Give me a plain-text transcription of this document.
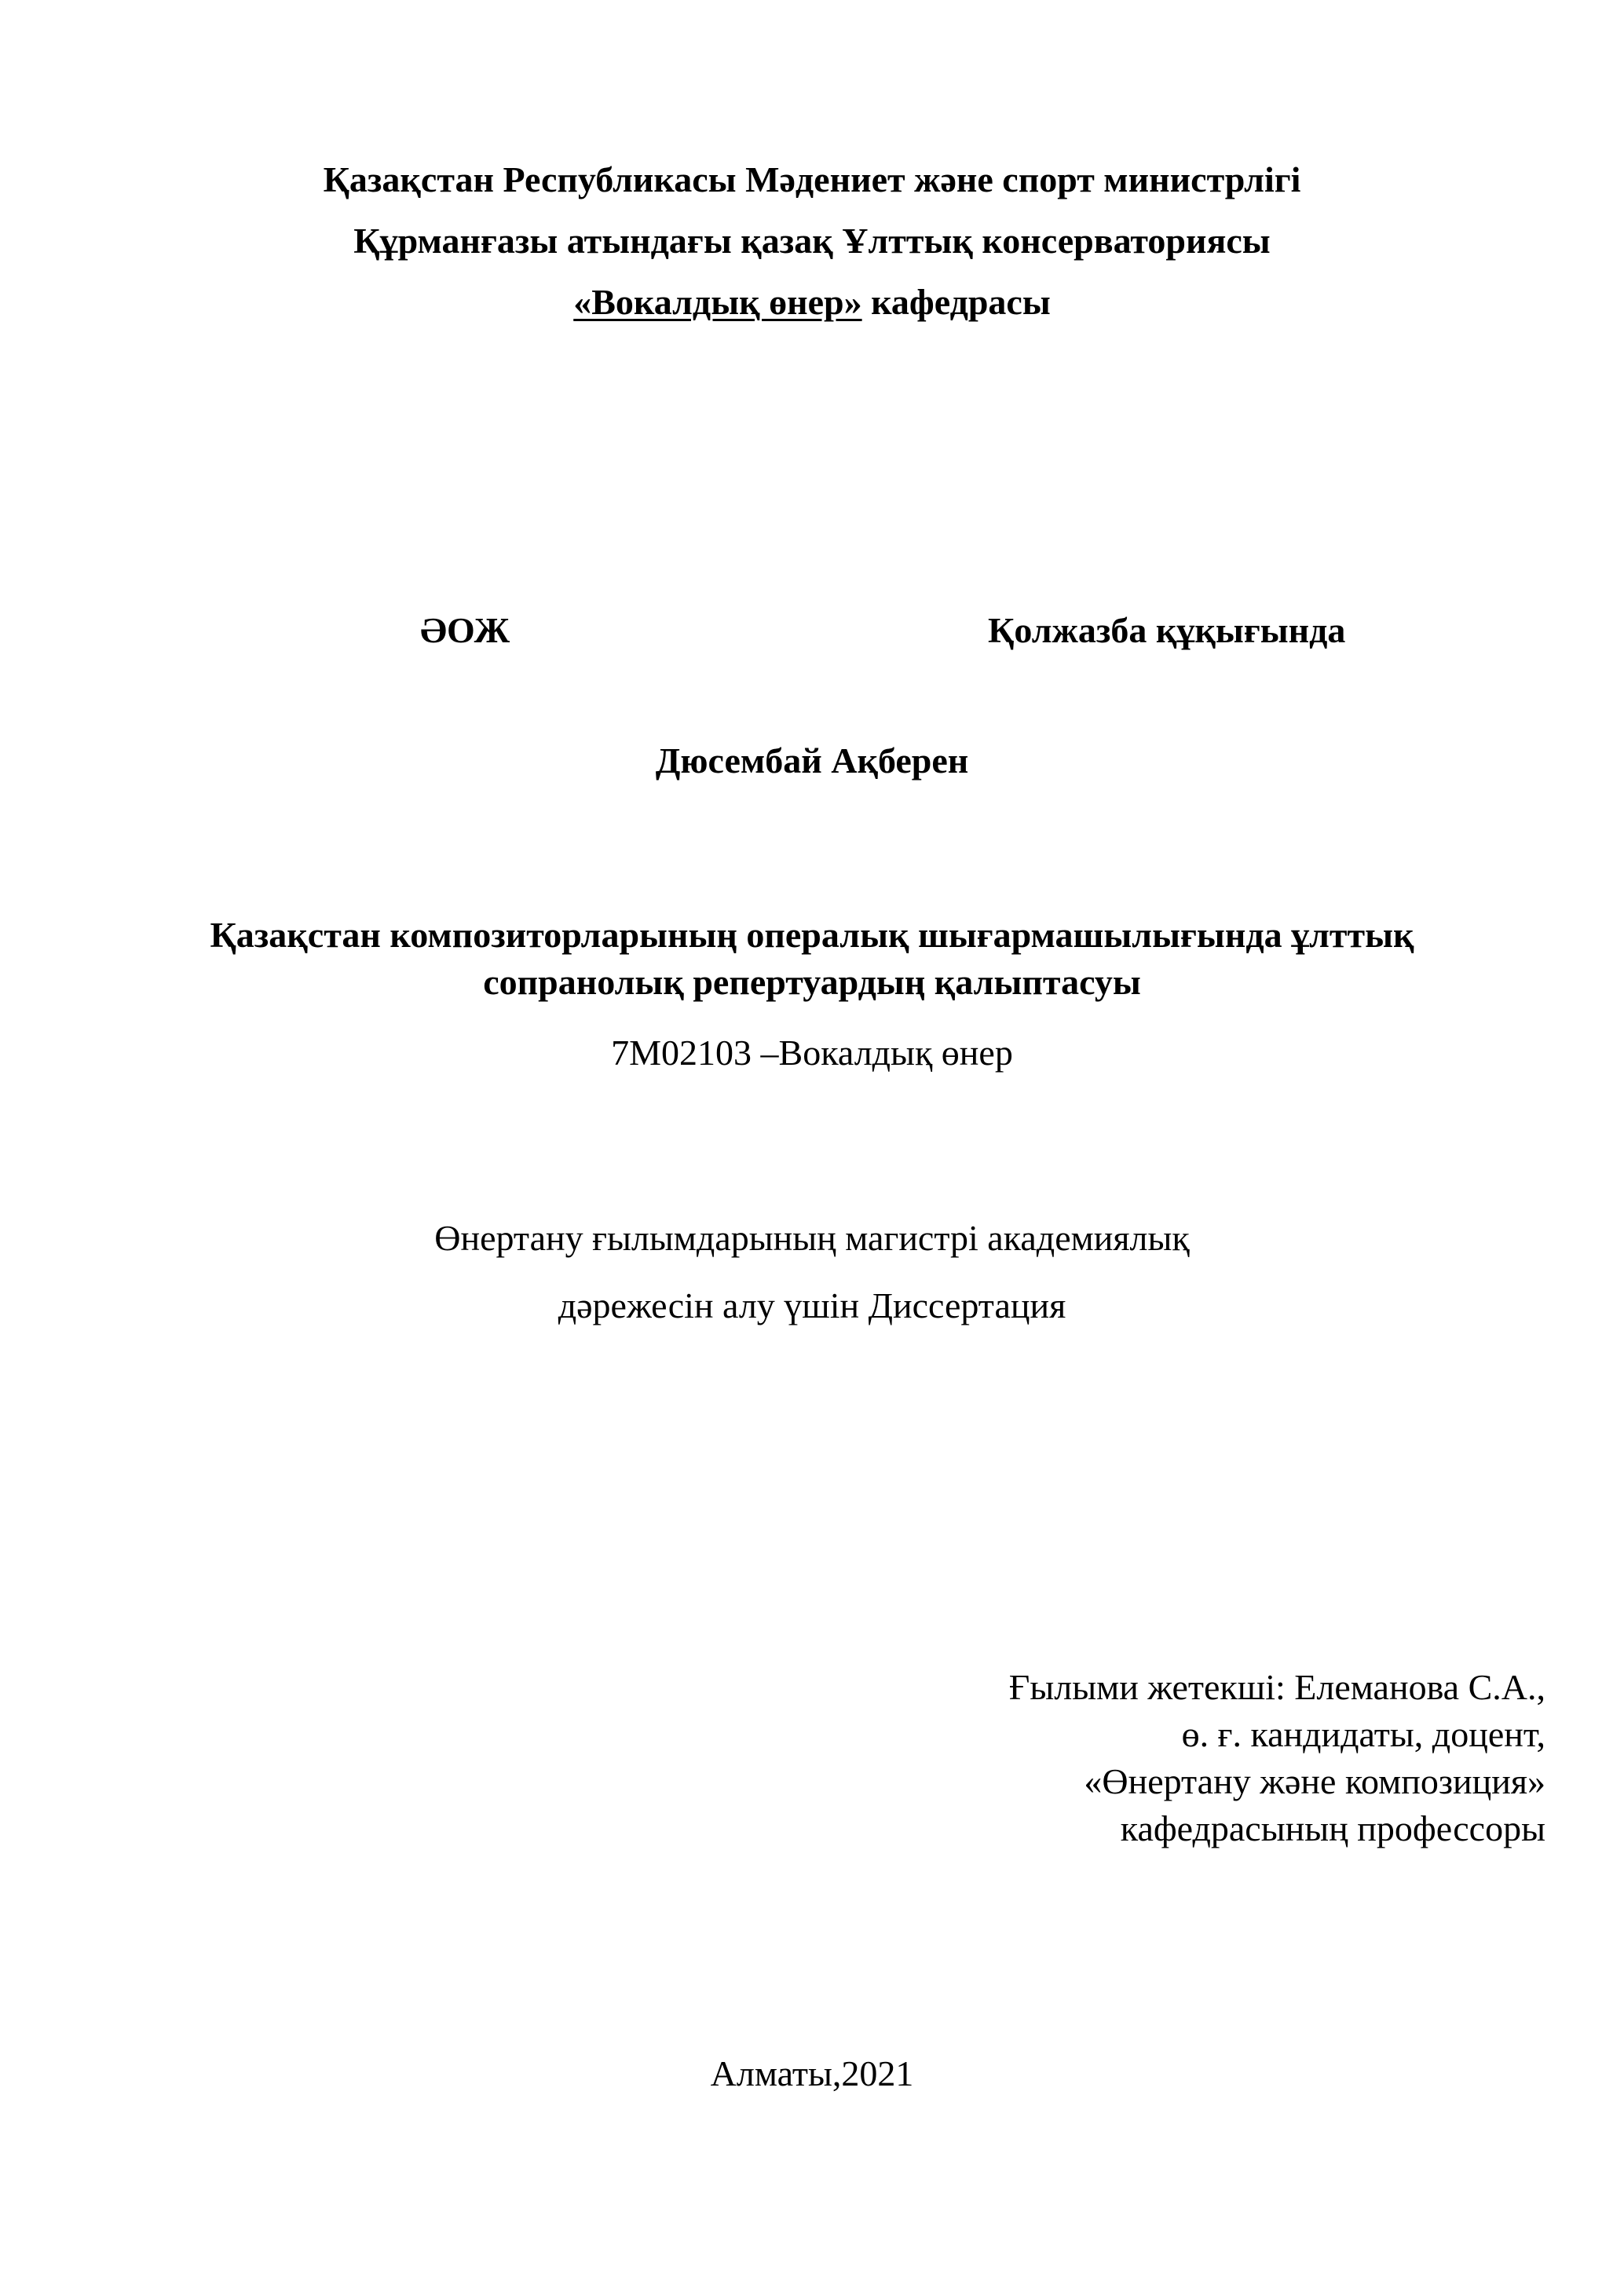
Қазақстан Республикасы Мәдениет және спорт министрлігі
Құрманғазы атындағы қазақ Ұлттық консерваториясы
«Вокалдық өнер» кафедрасы
ӘОЖ	Қолжазба құқығында
Дюсембай Ақберен
Қазақстан композиторларының опералық шығармашылығында ұлттық
сопранолық репертуардың қалыптасуы
7М02103 –Вокалдық өнер
Өнертану ғылымдарының магистрі академиялық
дәрежесін алу үшін Диссертация
Ғылыми жетекші: Елеманова С.А.,
ө. ғ. кандидаты, доцент,
«Өнертану және композиция»
кафедрасының профессоры
Алматы,2021
